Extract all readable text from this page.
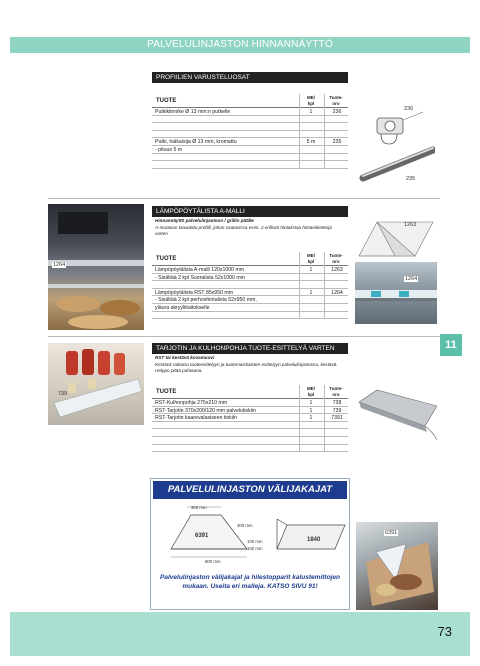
PALVELULINJASTON HINNANNÄYTTÖ
PROFIILIEN VARUSTELUOSAT
TUOTE
ME/
kpl
Tuote-
nro
Putkikiinnike Ø 13 mm:n putkelle	1	236
Putki, halkaisija Ø 13 mm, kromattu	5 m	235
- pituus 5 m
236
235
1264
LÄMPÖPÖYTÄLISTA A-MALLI
Hinnannäyttö palvelulinjastoon / grillin päälle
A-muotoon taivutettu profiili, johon saatavissa esim. 2 erillistä hintalistaa hintaetiketteijä varten
TUOTE
ME/
kpl
Tuote-
nro
Lämpöpöytälista A-malli 120x1000 mm	1	1263
- Sisältää 2 kpl Suoralista 52x1000 mm
Lämpöpöytälista RST 85x950 mm	1	1264
- Sisältää 2 kpl perhoshintalista 52x950 mm,
yläura akryyliitaitokselle
1263
1264
11
739
TARJOTIN JA KULHONPOHJA TUOTE-ESITTELYÄ VARTEN
RST tai kestävä kovamuovi
Kestävä ratkaisu tuoteesittelyyn ja tuotemaistiaisten esittelyyn palvelulinjastossa, kestävä. Helppo pitää puhtaana.
TUOTE
ME/
kpl
Tuote-
nro
RST-Kulhonpohja 275x210 mm	1	738
RST-Tarjotin 370x200/120 mm palvelutiskiin	1	739
RST-Tarjotin kaarevalasiseen tiskiin	1	7391
PALVELULINJASTON VÄLIJAKAJAT
300 mm
300 mm
6391
100 mm
100 mm
800 mm
1840
Palvelulinjaston välijakajat ja hilestopparit kalustemittojen mukaan. Useita eri malleja. KATSO SIVU 91!
6391
73
